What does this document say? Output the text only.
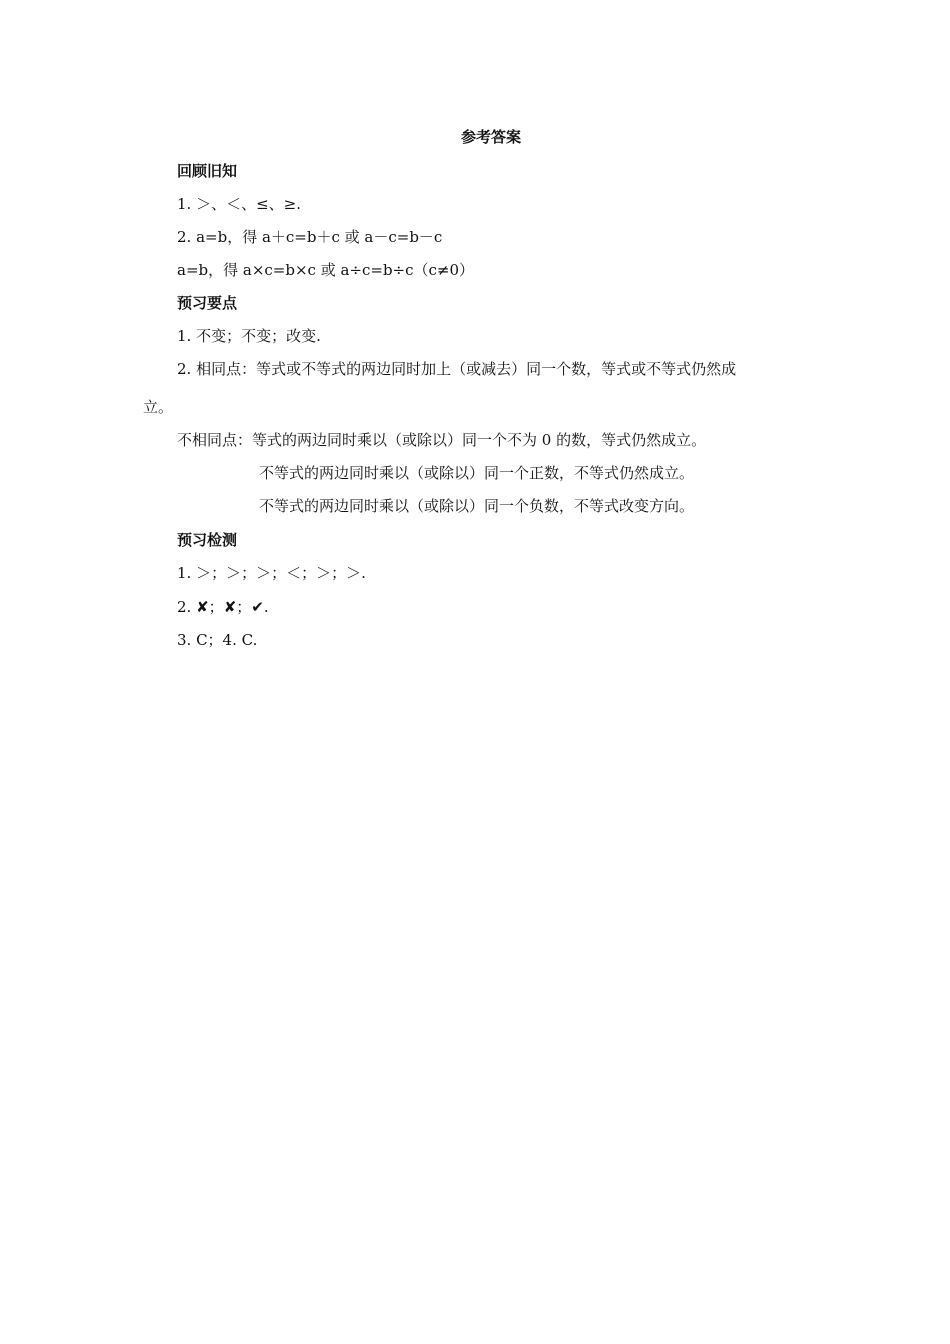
参考答案
回顾旧知
1. ＞、＜、≤、≥.
2. a=b，得 a＋c=b＋c 或 a－c=b－c
a=b，得 a×c=b×c 或 a÷c=b÷c（c≠0）
预习要点
1. 不变；不变；改变.
2. 相同点：等式或不等式的两边同时加上（或减去）同一个数，等式或不等式仍然成
立。
不相同点：等式的两边同时乘以（或除以）同一个不为 0 的数，等式仍然成立。
不等式的两边同时乘以（或除以）同一个正数，不等式仍然成立。
不等式的两边同时乘以（或除以）同一个负数，不等式改变方向。
预习检测
1. ＞；＞；＞；＜；＞；＞.
2. ✘；✘；✔.
3. C；4. C.
